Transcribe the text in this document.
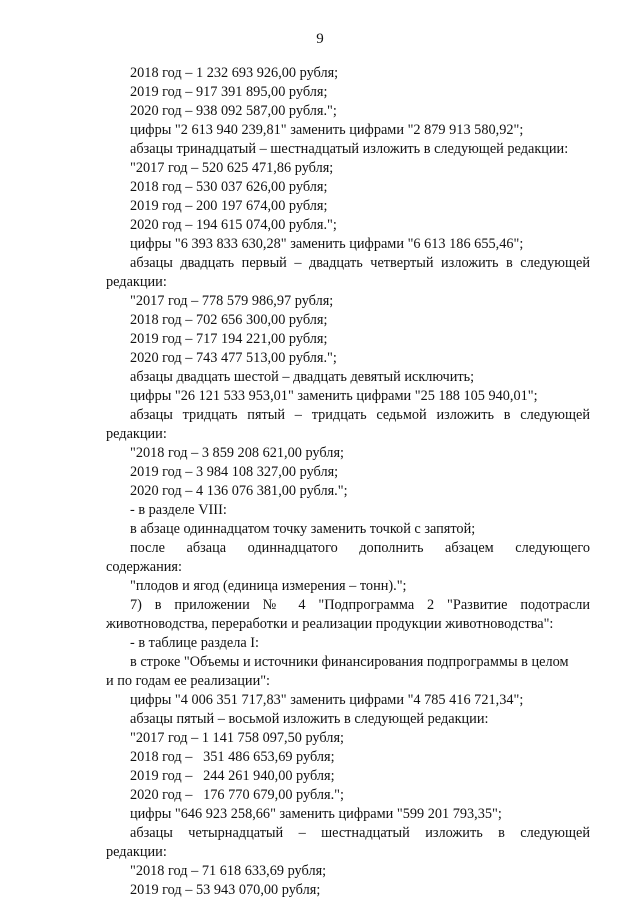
9

2018 год – 1 232 693 926,00 рубля;

2019 год – 917 391 895,00 рубля;

2020 год – 938 092 587,00 рубля.";

цифры "2 613 940 239,81" заменить цифрами "2 879 913 580,92";

абзацы тринадцатый – шестнадцатый изложить в следующей редакции:

"2017 год – 520 625 471,86 рубля;

2018 год – 530 037 626,00 рубля;

2019 год – 200 197 674,00 рубля;

2020 год – 194 615 074,00 рубля.";

цифры "6 393 833 630,28" заменить цифрами "6 613 186 655,46";

абзацы двадцать первый – двадцать четвертый изложить в следующей

редакции:

"2017 год – 778 579 986,97 рубля;

2018 год – 702 656 300,00 рубля;

2019 год – 717 194 221,00 рубля;

2020 год – 743 477 513,00 рубля.";

абзацы двадцать шестой – двадцать девятый исключить;

цифры "26 121 533 953,01" заменить цифрами "25 188 105 940,01";

абзацы тридцать пятый – тридцать седьмой изложить в следующей

редакции:

"2018 год – 3 859 208 621,00 рубля;

2019 год – 3 984 108 327,00 рубля;

2020 год – 4 136 076 381,00 рубля.";

- в разделе VIII:

в абзаце одиннадцатом точку заменить точкой с запятой;

после абзаца одиннадцатого дополнить абзацем следующего

содержания:

"плодов и ягод (единица измерения – тонн).";

7) в приложении № 4 "Подпрограмма 2 "Развитие подотрасли

животноводства, переработки и реализации продукции животноводства":

- в таблице раздела I:

в строке "Объемы и источники финансирования подпрограммы в целом

и по годам ее реализации":

цифры "4 006 351 717,83" заменить цифрами "4 785 416 721,34";

абзацы пятый – восьмой изложить в следующей редакции:

"2017 год – 1 141 758 097,50 рубля;

2018 год –   351 486 653,69 рубля;

2019 год –   244 261 940,00 рубля;

2020 год –   176 770 679,00 рубля.";

цифры "646 923 258,66" заменить цифрами "599 201 793,35";

абзацы четырнадцатый – шестнадцатый изложить в следующей

редакции:

"2018 год – 71 618 633,69 рубля;

2019 год – 53 943 070,00 рубля;
